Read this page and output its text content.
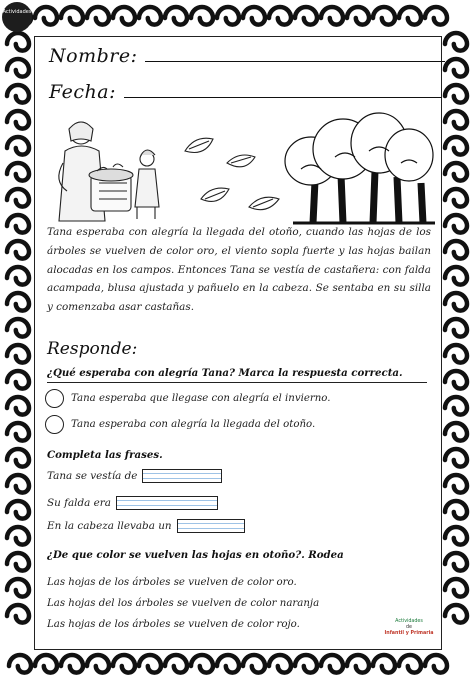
Actividades
Nombre:
Fecha:

Tana esperaba con alegría la llegada del otoño, cuando las hojas de los árboles se vuelven de color oro, el viento sopla fuerte y las hojas bailan alocadas en los campos. Entonces Tana se vestía de castañera: con falda acampada, blusa ajustada y pañuelo en la cabeza. Se sentaba en su silla y comenzaba asar castañas.

Responde:
¿Qué esperaba con alegría Tana? Marca la respuesta correcta.
Tana esperaba que llegase con alegría el invierno.
Tana esperaba con alegría la llegada del otoño.
Completa las frases.
Tana se vestía de
Su falda era
En la cabeza llevaba un
¿De que color se vuelven las hojas en otoño?. Rodea
Las hojas de los árboles se vuelven de color oro.
Las hojas del los árboles se vuelven de color naranja
Las hojas de los árboles se vuelven de color rojo.	Actividades
de
Infantil y Primaria
